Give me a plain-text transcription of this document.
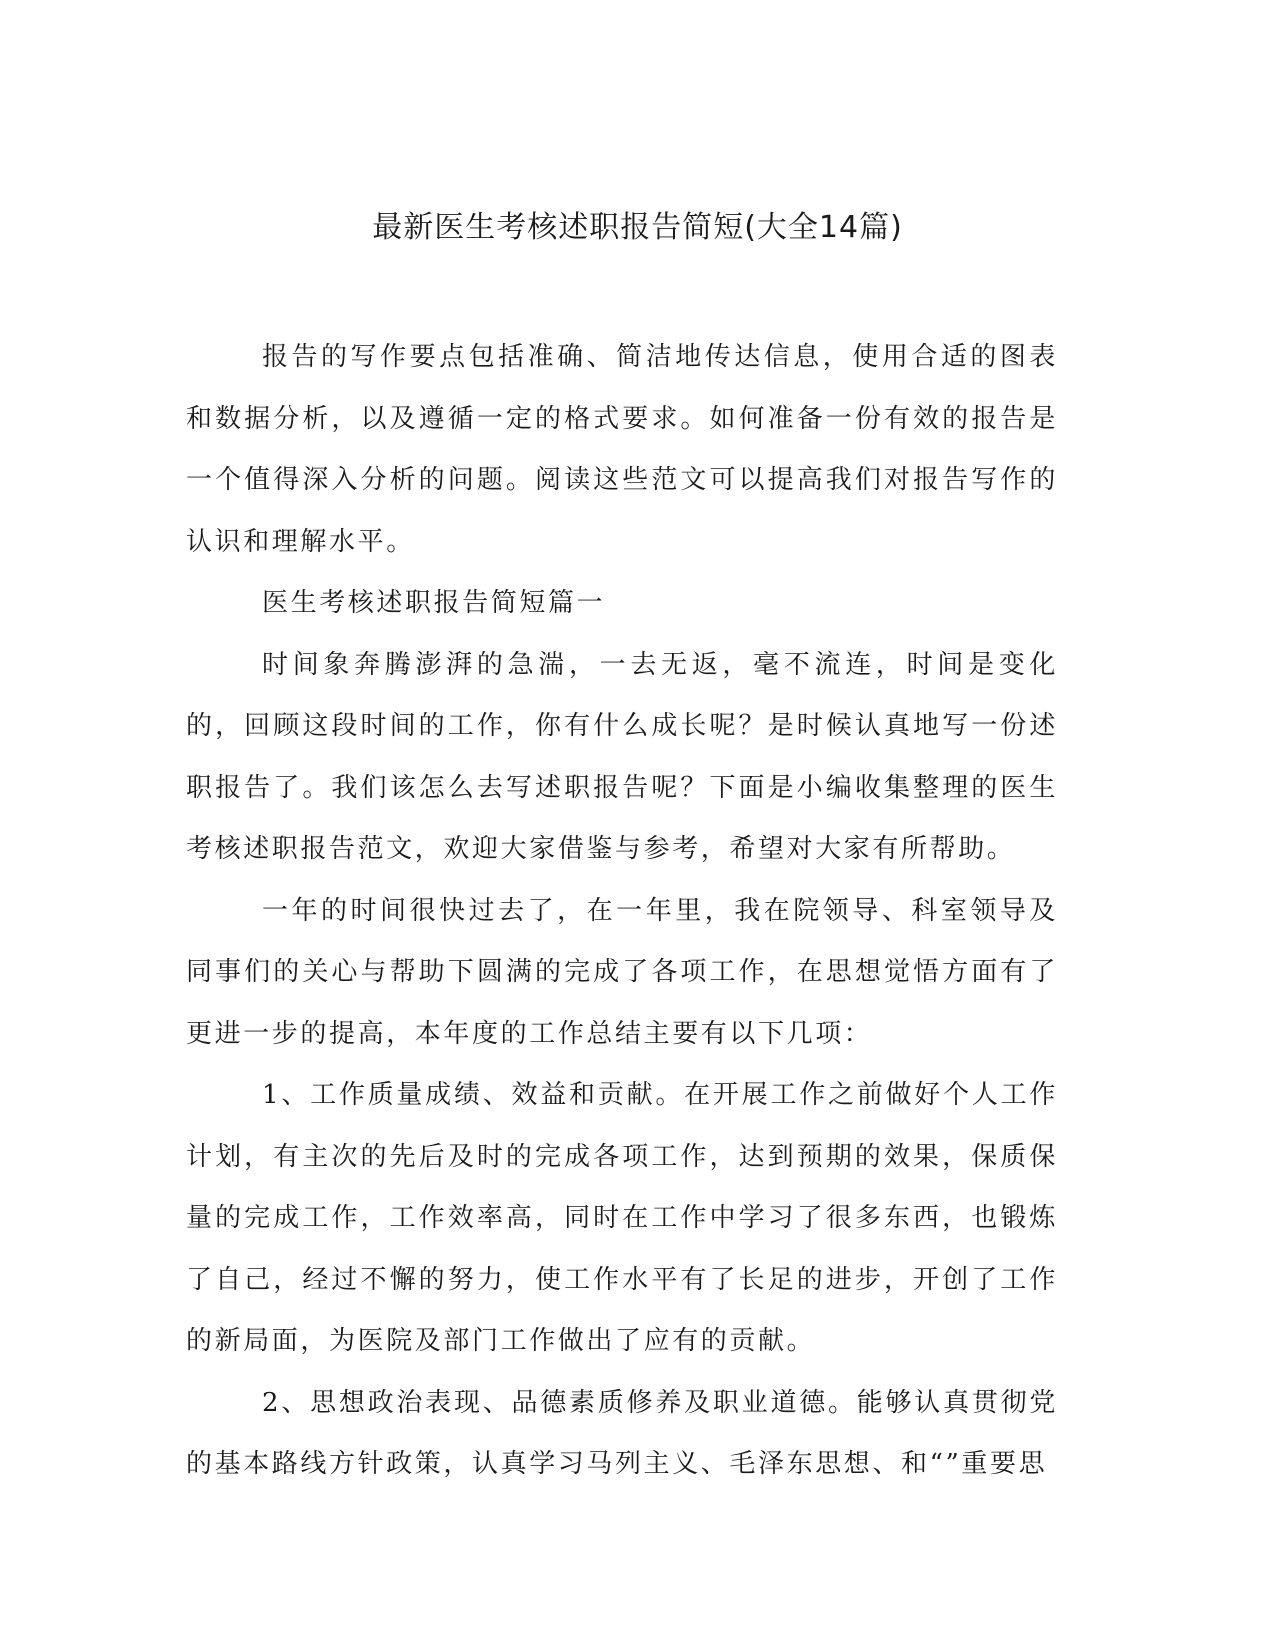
最新医生考核述职报告简短(大全14篇)

报告的写作要点包括准确、简洁地传达信息，使用合适的图表和数据分析，以及遵循一定的格式要求。如何准备一份有效的报告是一个值得深入分析的问题。阅读这些范文可以提高我们对报告写作的认识和理解水平。

医生考核述职报告简短篇一

时间象奔腾澎湃的急湍，一去无返，毫不流连，时间是变化的，回顾这段时间的工作，你有什么成长呢？是时候认真地写一份述职报告了。我们该怎么去写述职报告呢？下面是小编收集整理的医生考核述职报告范文，欢迎大家借鉴与参考，希望对大家有所帮助。

一年的时间很快过去了，在一年里，我在院领导、科室领导及同事们的关心与帮助下圆满的完成了各项工作，在思想觉悟方面有了更进一步的提高，本年度的工作总结主要有以下几项：

1、工作质量成绩、效益和贡献。在开展工作之前做好个人工作计划，有主次的先后及时的完成各项工作，达到预期的效果，保质保量的完成工作，工作效率高，同时在工作中学习了很多东西，也锻炼了自己，经过不懈的努力，使工作水平有了长足的进步，开创了工作的新局面，为医院及部门工作做出了应有的贡献。

2、思想政治表现、品德素质修养及职业道德。能够认真贯彻党的基本路线方针政策，认真学习马列主义、毛泽东思想、和“”重要思
